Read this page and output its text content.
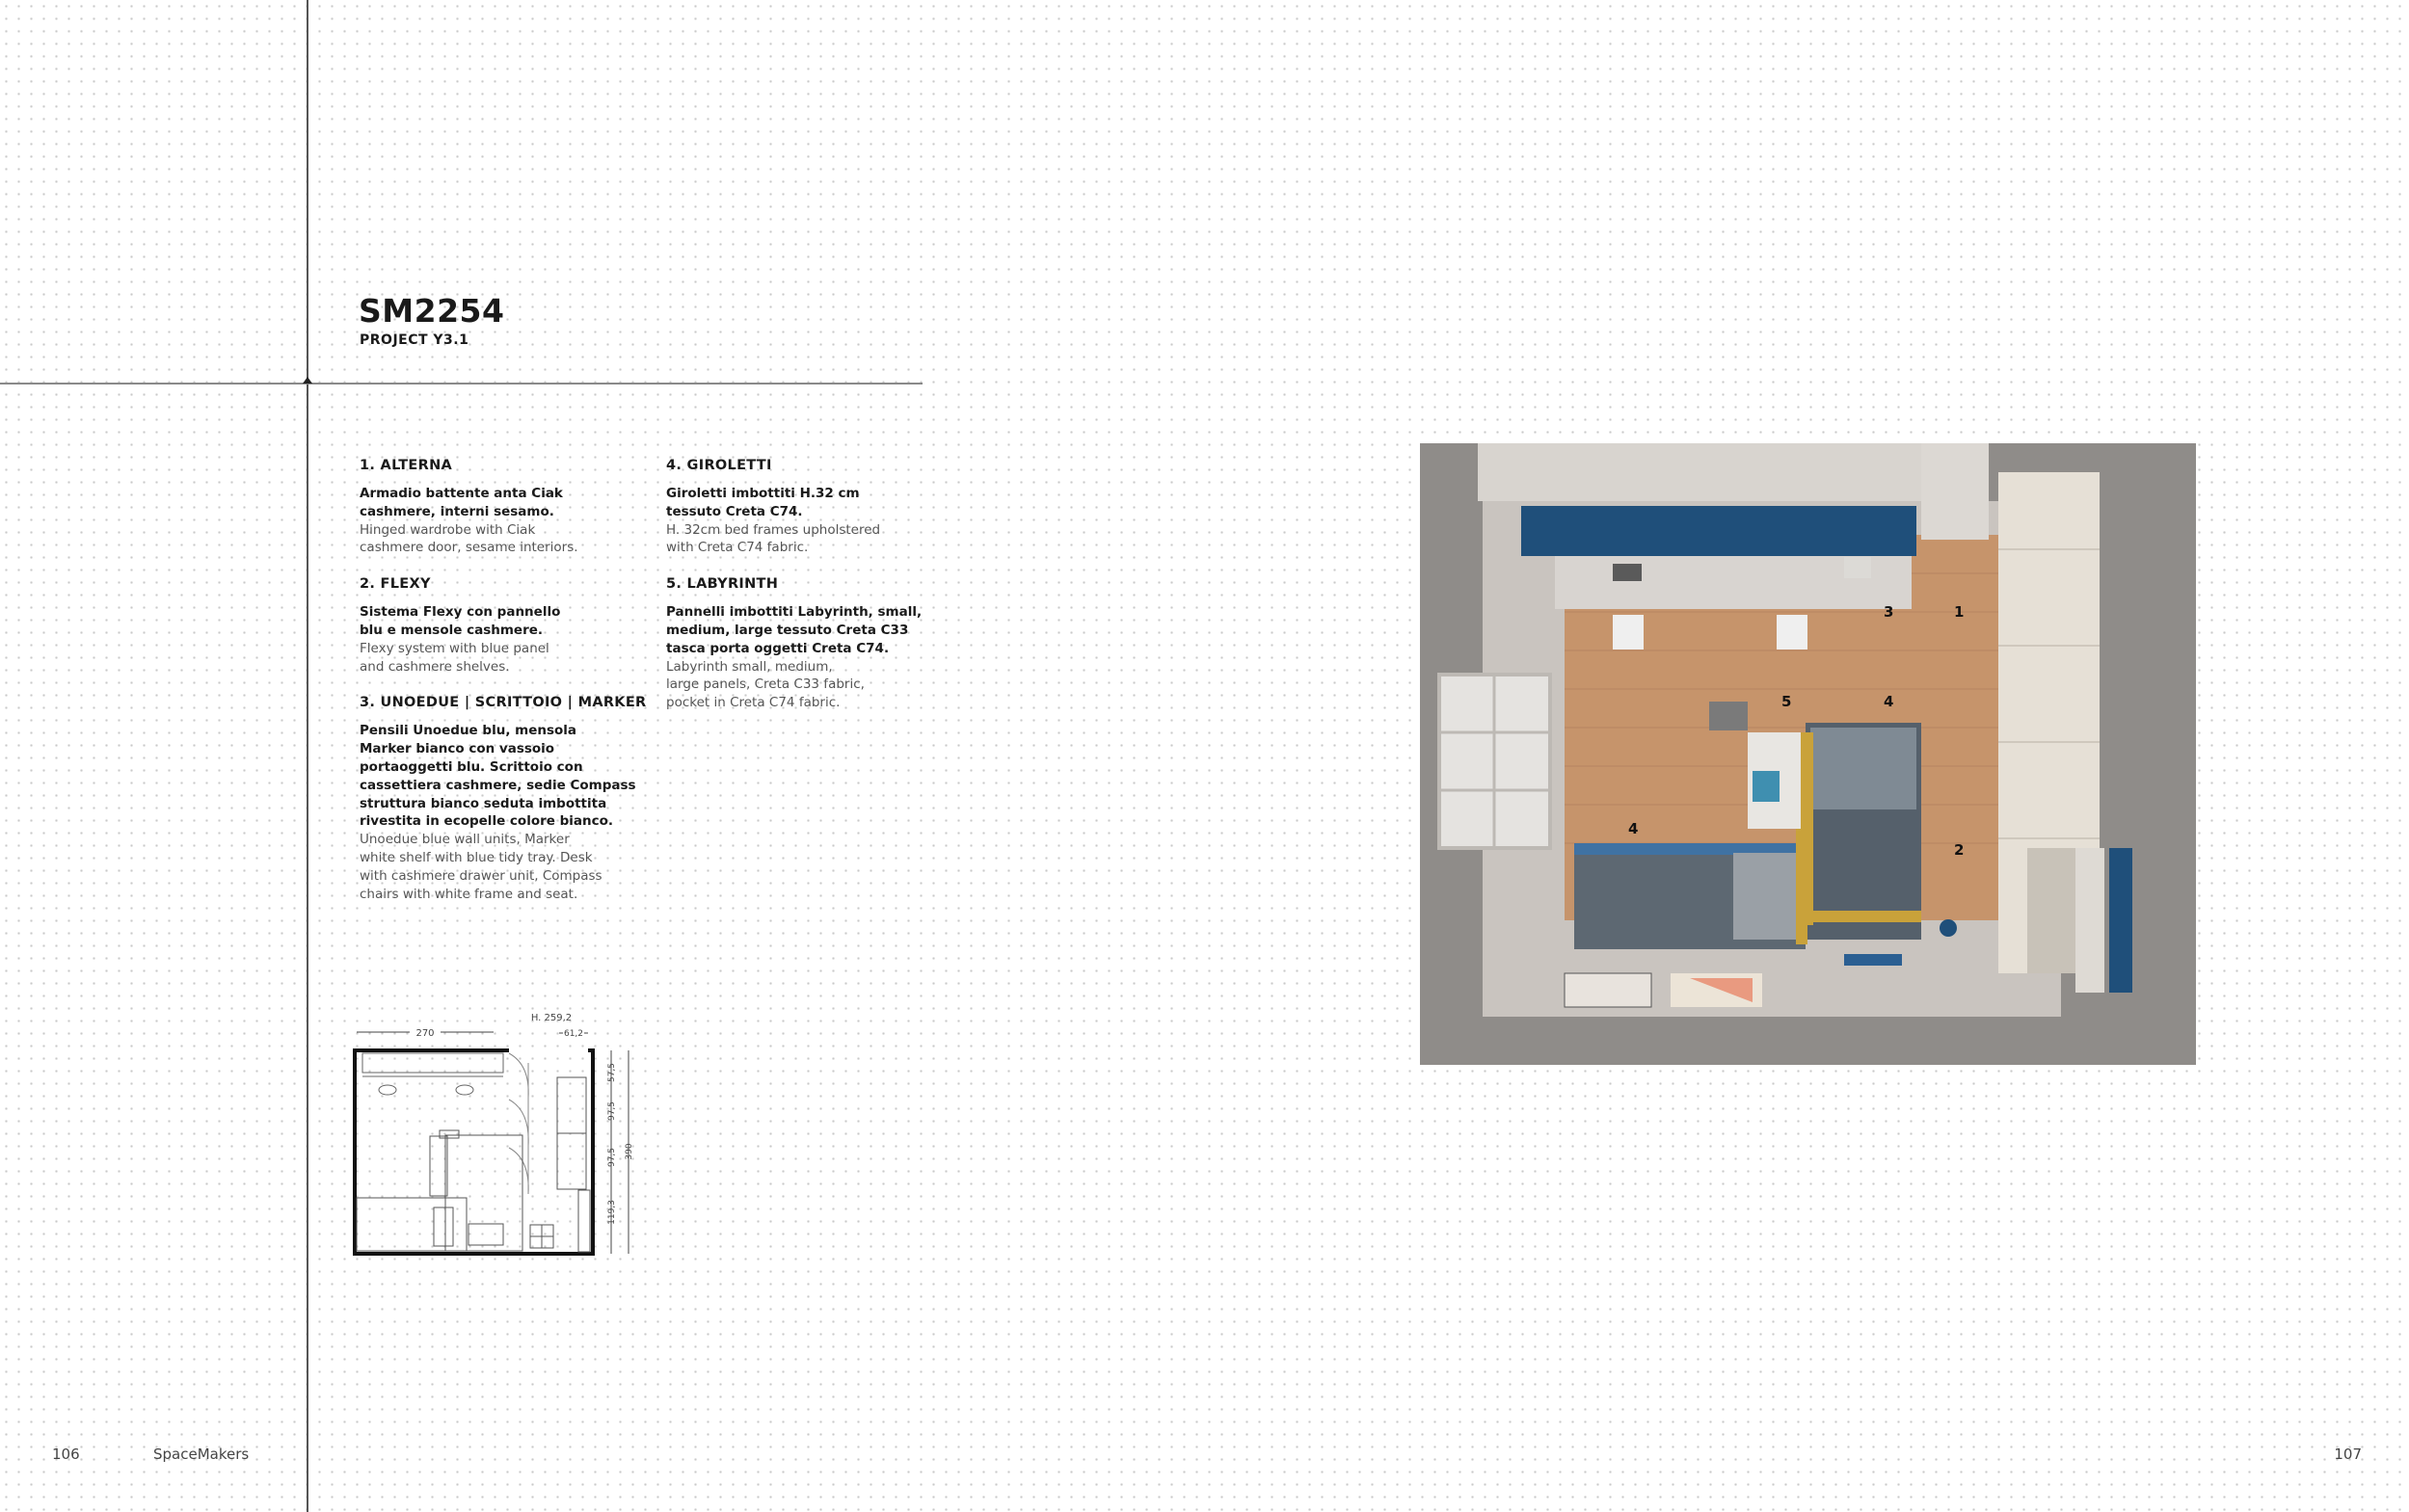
SM2254
PROJECT Y3.1
1. ALTERNA
Armadio battente anta Ciak
cashmere, interni sesamo.
Hinged wardrobe with Ciak
cashmere door, sesame interiors.
2. FLEXY
Sistema Flexy con pannello
blu e mensole cashmere.
Flexy system with blue panel
and cashmere shelves.
3. UNOEDUE | SCRITTOIO | MARKER
Pensili Unoedue blu, mensola
Marker bianco con vassoio
portaoggetti blu. Scrittoio con
cassettiera cashmere, sedie Compass
struttura bianco seduta imbottita
rivestita in ecopelle colore bianco.
Unoedue blue wall units, Marker
white shelf with blue tidy tray. Desk
with cashmere drawer unit, Compass
chairs with white frame and seat.
4. GIROLETTI
Giroletti imbottiti H.32 cm
tessuto Creta C74.
H. 32cm bed frames upholstered
with Creta C74 fabric.
5. LABYRINTH
Pannelli imbottiti Labyrinth, small,
medium, large tessuto Creta C33
tasca porta oggetti Creta C74.
Labyrinth small, medium,
large panels, Creta C33 fabric,
pocket in Creta C74 fabric.
270
H. 259,2
61,2
57,5
97,5
97,5
119,3
390
1
2
3
4
4
5
106	SpaceMakers	107
